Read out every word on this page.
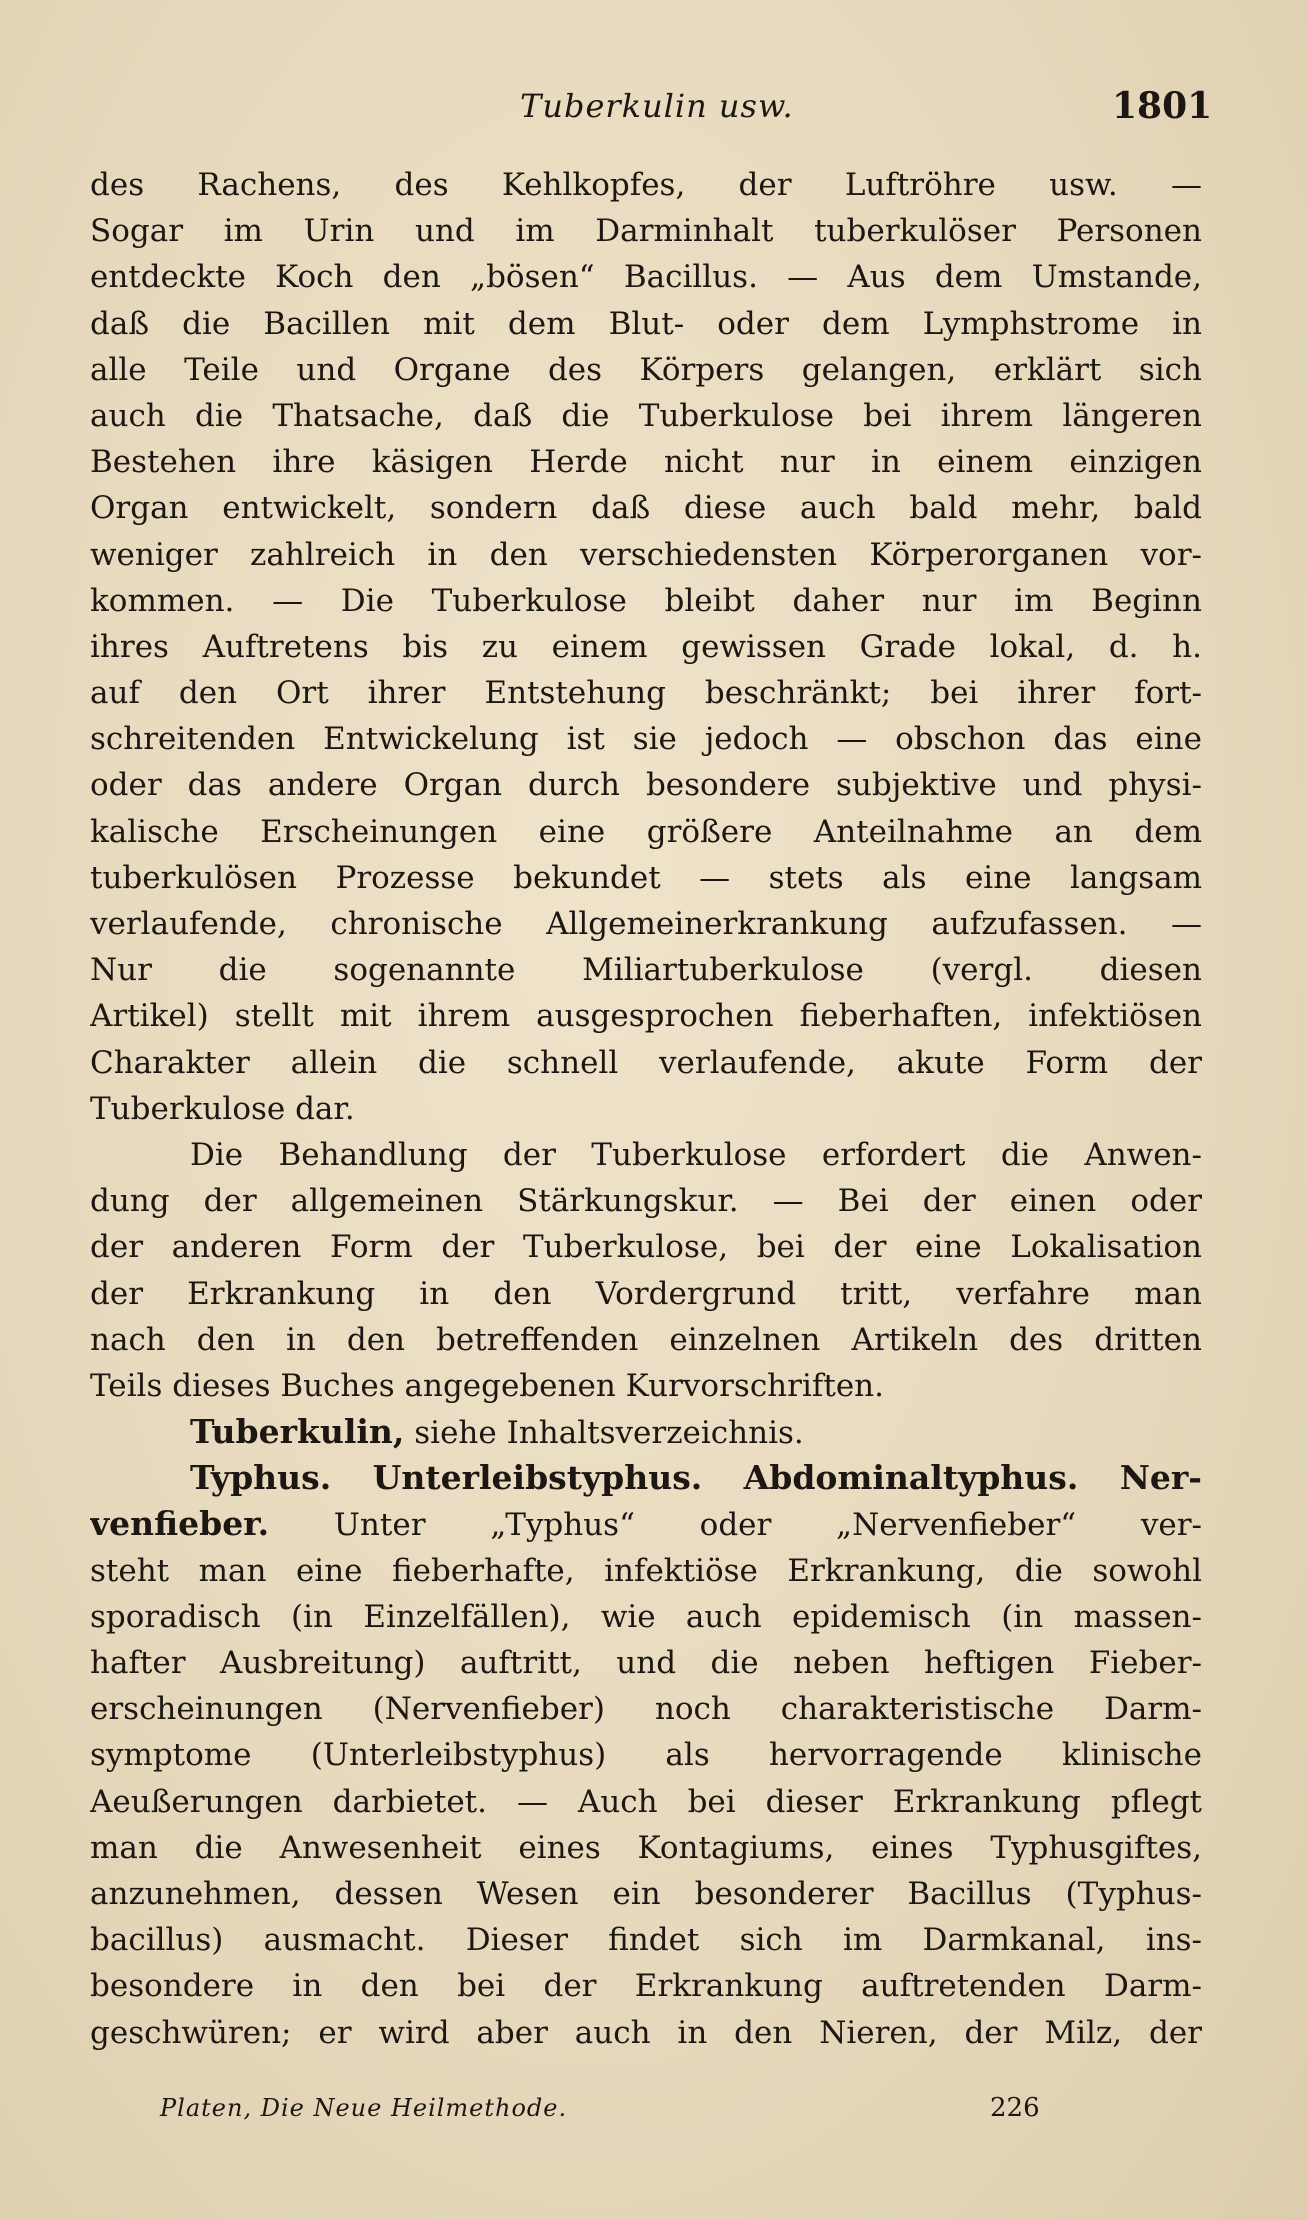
Tuberkulin usw.	1801
des Rachens, des Kehlkopfes, der Luftröhre usw. —
Sogar im Urin und im Darminhalt tuberkulöser Personen
entdeckte Koch den „bösen“ Bacillus. — Aus dem Umstande,
daß die Bacillen mit dem Blut- oder dem Lymphstrome in
alle Teile und Organe des Körpers gelangen, erklärt sich
auch die Thatsache, daß die Tuberkulose bei ihrem längeren
Bestehen ihre käsigen Herde nicht nur in einem einzigen
Organ entwickelt, sondern daß diese auch bald mehr, bald
weniger zahlreich in den verschiedensten Körperorganen vor-
kommen. — Die Tuberkulose bleibt daher nur im Beginn
ihres Auftretens bis zu einem gewissen Grade lokal, d. h.
auf den Ort ihrer Entstehung beschränkt; bei ihrer fort-
schreitenden Entwickelung ist sie jedoch — obschon das eine
oder das andere Organ durch besondere subjektive und physi-
kalische Erscheinungen eine größere Anteilnahme an dem
tuberkulösen Prozesse bekundet — stets als eine langsam
verlaufende, chronische Allgemeinerkrankung aufzufassen. —
Nur die sogenannte Miliartuberkulose (vergl. diesen
Artikel) stellt mit ihrem ausgesprochen fieberhaften, infektiösen
Charakter allein die schnell verlaufende, akute Form der
Tuberkulose dar.
Die Behandlung der Tuberkulose erfordert die Anwen-
dung der allgemeinen Stärkungskur. — Bei der einen oder
der anderen Form der Tuberkulose, bei der eine Lokalisation
der Erkrankung in den Vordergrund tritt, verfahre man
nach den in den betreffenden einzelnen Artikeln des dritten
Teils dieses Buches angegebenen Kurvorschriften.
Tuberkulin, siehe Inhaltsverzeichnis.
Typhus. Unterleibstyphus. Abdominaltyphus. Ner-
venfieber. Unter „Typhus“ oder „Nervenfieber“ ver-
steht man eine fieberhafte, infektiöse Erkrankung, die sowohl
sporadisch (in Einzelfällen), wie auch epidemisch (in massen-
hafter Ausbreitung) auftritt, und die neben heftigen Fieber-
erscheinungen (Nervenfieber) noch charakteristische Darm-
symptome (Unterleibstyphus) als hervorragende klinische
Aeußerungen darbietet. — Auch bei dieser Erkrankung pflegt
man die Anwesenheit eines Kontagiums, eines Typhusgiftes,
anzunehmen, dessen Wesen ein besonderer Bacillus (Typhus-
bacillus) ausmacht. Dieser findet sich im Darmkanal, ins-
besondere in den bei der Erkrankung auftretenden Darm-
geschwüren; er wird aber auch in den Nieren, der Milz, der
Platen, Die Neue Heilmethode.	226
